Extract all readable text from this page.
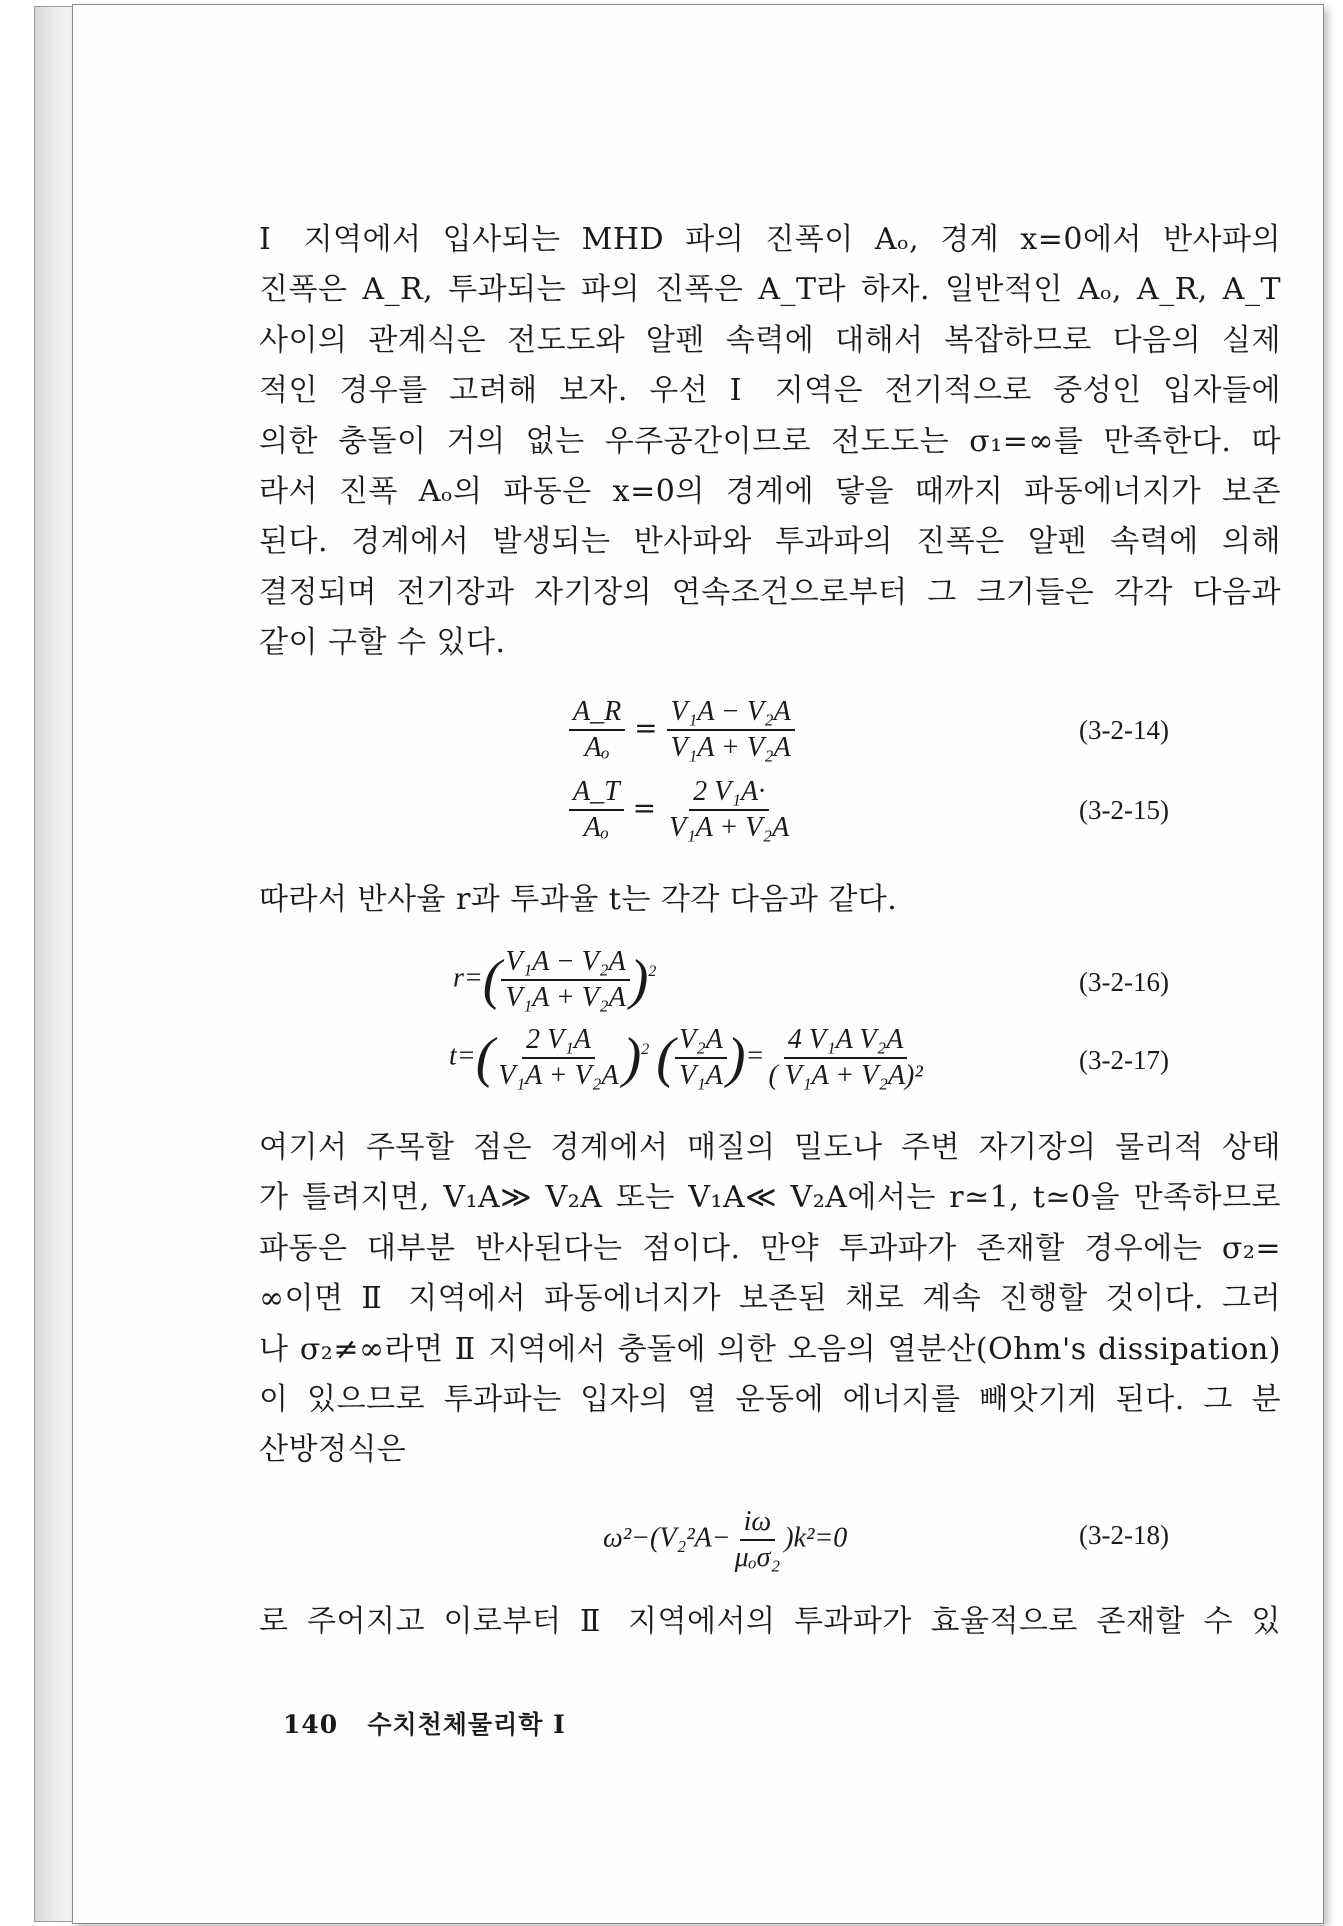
Ⅰ 지역에서 입사되는 MHD 파의 진폭이 Aₒ, 경계 x=0에서 반사파의
진폭은 A_R, 투과되는 파의 진폭은 A_T라 하자. 일반적인 Aₒ, A_R, A_T
사이의 관계식은 전도도와 알펜 속력에 대해서 복잡하므로 다음의 실제
적인 경우를 고려해 보자. 우선 Ⅰ 지역은 전기적으로 중성인 입자들에
의한 충돌이 거의 없는 우주공간이므로 전도도는 σ₁=∞를 만족한다. 따
라서 진폭 Aₒ의 파동은 x=0의 경계에 닿을 때까지 파동에너지가 보존
된다. 경계에서 발생되는 반사파와 투과파의 진폭은 알펜 속력에 의해
결정되며 전기장과 자기장의 연속조건으로부터 그 크기들은 각각 다음과
같이 구할 수 있다.
$\frac{A\_R}{\text{Aₒ}} = \frac{\text{V₁A − V₂A}}{\text{V₁A + V₂A}}$	(3-2-14)
$\frac{A\_T}{\text{Aₒ}} = \frac{\text{2 V₁A·}}{\text{V₁A + V₂A}}$	(3-2-15)
따라서 반사율 r과 투과율 t는 각각 다음과 같다.
$r=( \frac{\text{V₁A − V₂A}}{\text{V₁A + V₂A}} )^2$	(3-2-16)
$t=( \frac{\text{2 V₁A}}{\text{V₁A + V₂A}} )^2$ ( $\frac{\text{V₂A}}{\text{V₁A}}$ )= $\frac{\text{4 V₁A V₂A}}{\text{( V₁A + V₂A)²}}$	(3-2-17)
여기서 주목할 점은 경계에서 매질의 밀도나 주변 자기장의 물리적 상태
가 틀려지면, V₁A≫ V₂A 또는 V₁A≪ V₂A에서는 r≃1, t≃0을 만족하므로
파동은 대부분 반사된다는 점이다. 만약 투과파가 존재할 경우에는 σ₂=
∞이면 Ⅱ 지역에서 파동에너지가 보존된 채로 계속 진행할 것이다. 그러
나 σ₂≠∞라면 Ⅱ 지역에서 충돌에 의한 오음의 열분산(Ohm's dissipation)
이 있으므로 투과파는 입자의 열 운동에 에너지를 빼앗기게 된다. 그 분
산방정식은
$\omega^2-(V_2^2A- \frac{i\omega}{\text{μₒσ₂}} )k^2=0$	(3-2-18)
로 주어지고 이로부터 Ⅱ 지역에서의 투과파가 효율적으로 존재할 수 있
140 수치천체물리학 Ⅰ
